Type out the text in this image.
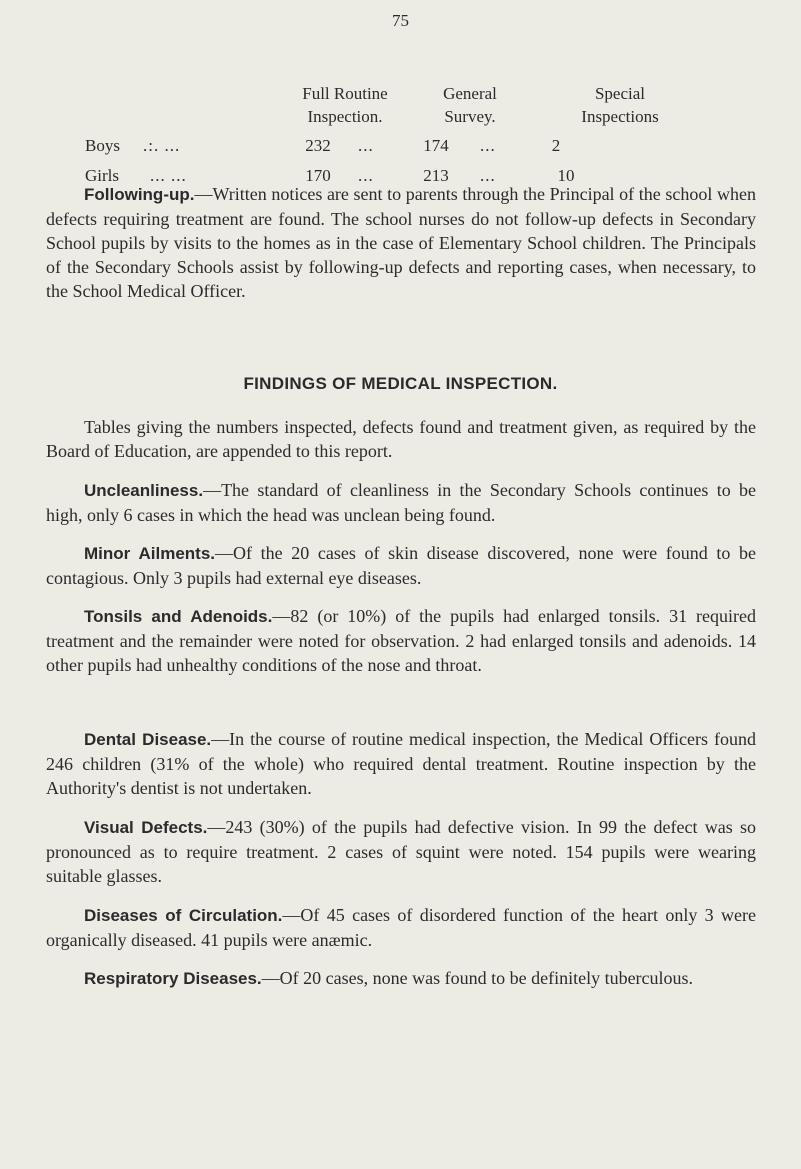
75
Full Routine
Inspection.
General
Survey.
Special
Inspections
Boys .:. ...	232	...	174	...	2
Girls ... ...	170	...	213	...	10

Following-up.—Written notices are sent to parents through the Principal of the school when defects requiring treatment are found. The school nurses do not follow-up defects in Secondary School pupils by visits to the homes as in the case of Elementary School children. The Principals of the Secondary Schools assist by following-up defects and reporting cases, when necessary, to the School Medical Officer.

FINDINGS OF MEDICAL INSPECTION.

Tables giving the numbers inspected, defects found and treatment given, as required by the Board of Education, are appended to this report.

Uncleanliness.—The standard of cleanliness in the Secondary Schools continues to be high, only 6 cases in which the head was unclean being found.

Minor Ailments.—Of the 20 cases of skin disease discovered, none were found to be contagious. Only 3 pupils had external eye diseases.

Tonsils and Adenoids.—82 (or 10%) of the pupils had enlarged tonsils. 31 required treatment and the remainder were noted for observation. 2 had enlarged tonsils and adenoids. 14 other pupils had unhealthy conditions of the nose and throat.

Dental Disease.—In the course of routine medical inspection, the Medical Officers found 246 children (31% of the whole) who required dental treatment. Routine inspection by the Authority's dentist is not undertaken.

Visual Defects.—243 (30%) of the pupils had defective vision. In 99 the defect was so pronounced as to require treatment. 2 cases of squint were noted. 154 pupils were wearing suitable glasses.

Diseases of Circulation.—Of 45 cases of disordered function of the heart only 3 were organically diseased. 41 pupils were anæmic.

Respiratory Diseases.—Of 20 cases, none was found to be definitely tuberculous.
